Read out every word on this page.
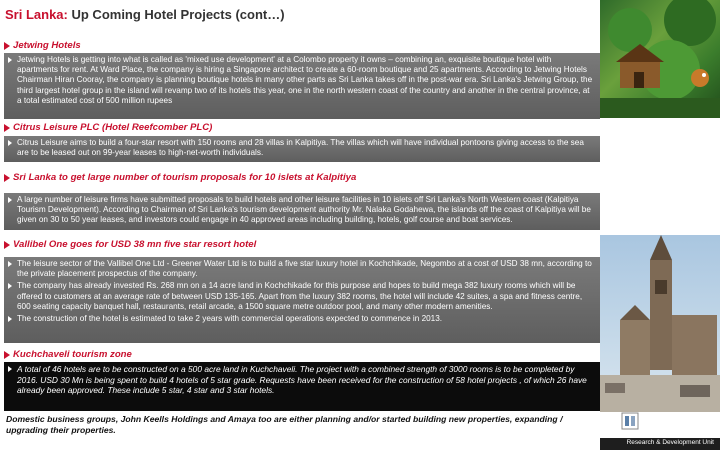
Sri Lanka: Up Coming Hotel Projects (cont…)
Jetwing Hotels

Jetwing Hotels is getting into what is called as 'mixed use development' at a Colombo property it owns – combining an, exquisite boutique hotel with apartments for rent. At Ward Place, the company is hiring a Singapore architect to create a 60-room boutique and 25 apartments. According to Jetwing Hotels Chairman Hiran Cooray, the company is planning boutique hotels in many other parts as Sri Lanka takes off in the post-war era. Sri Lanka's Jetwing Group, the third largest hotel group in the island will revamp two of its hotels this year, one in the north western coast of the country and another in the central province, at a total estimated cost of 500 million rupees

Citrus Leisure PLC (Hotel Reefcomber PLC)

Citrus Leisure aims to build a four-star resort with 150 rooms and 28 villas in Kalpitiya. The villas which will have individual pontoons giving access to the sea are to be leased out on 99-year leases to high-net-worth individuals.

Sri Lanka to get large number of tourism proposals for 10 islets at Kalpitiya

A large number of leisure firms have submitted proposals to build hotels and other leisure facilities in 10 islets off Sri Lanka's North Western coast (Kalpitiya Tourism Development). According to Chairman of Sri Lanka's tourism development authority Mr. Nalaka Godahewa, the islands off the coast of Kalpitiya will be given on 30 to 50 year leases, and investors could engage in 40 approved areas including building, hotels, golf course and boat services.

Vallibel One goes for USD 38 mn five star resort hotel

The leisure sector of the Vallibel One Ltd - Greener Water Ltd is to build a five star luxury hotel in Kochchikade, Negombo at a cost of USD 38 mn, according to the private placement prospectus of the company.

The company has already invested Rs. 268 mn on a 14 acre land in Kochchikade for this purpose and hopes to build mega 382 luxury rooms which will be offered to customers at an average rate of between USD 135-165. Apart from the luxury 382 rooms, the hotel will include 42 suites, a spa and fitness centre, 600 seating capacity banquet hall, restaurants, retail arcade, a 1500 square metre outdoor pool, and many other modern amenities.

The construction of the hotel is estimated to take 2 years with commercial operations expected to commence in 2013.

Kuchchaveli tourism zone

A total of 46 hotels are to be constructed on a 500 acre land in Kuchchaveli. The project with a combined strength of 3000 rooms is to be completed by 2016. USD 30 Mn is being spent to build 4 hotels of 5 star grade. Requests have been received for the construction of 58 hotel projects , of which 26 have already been approved. These include 5 star, 4 star and 3 star hotels.

Domestic business groups, John Keells Holdings and Amaya too are either planning and/or started building new properties, expanding / upgrading their properties.
Research & Development Unit
